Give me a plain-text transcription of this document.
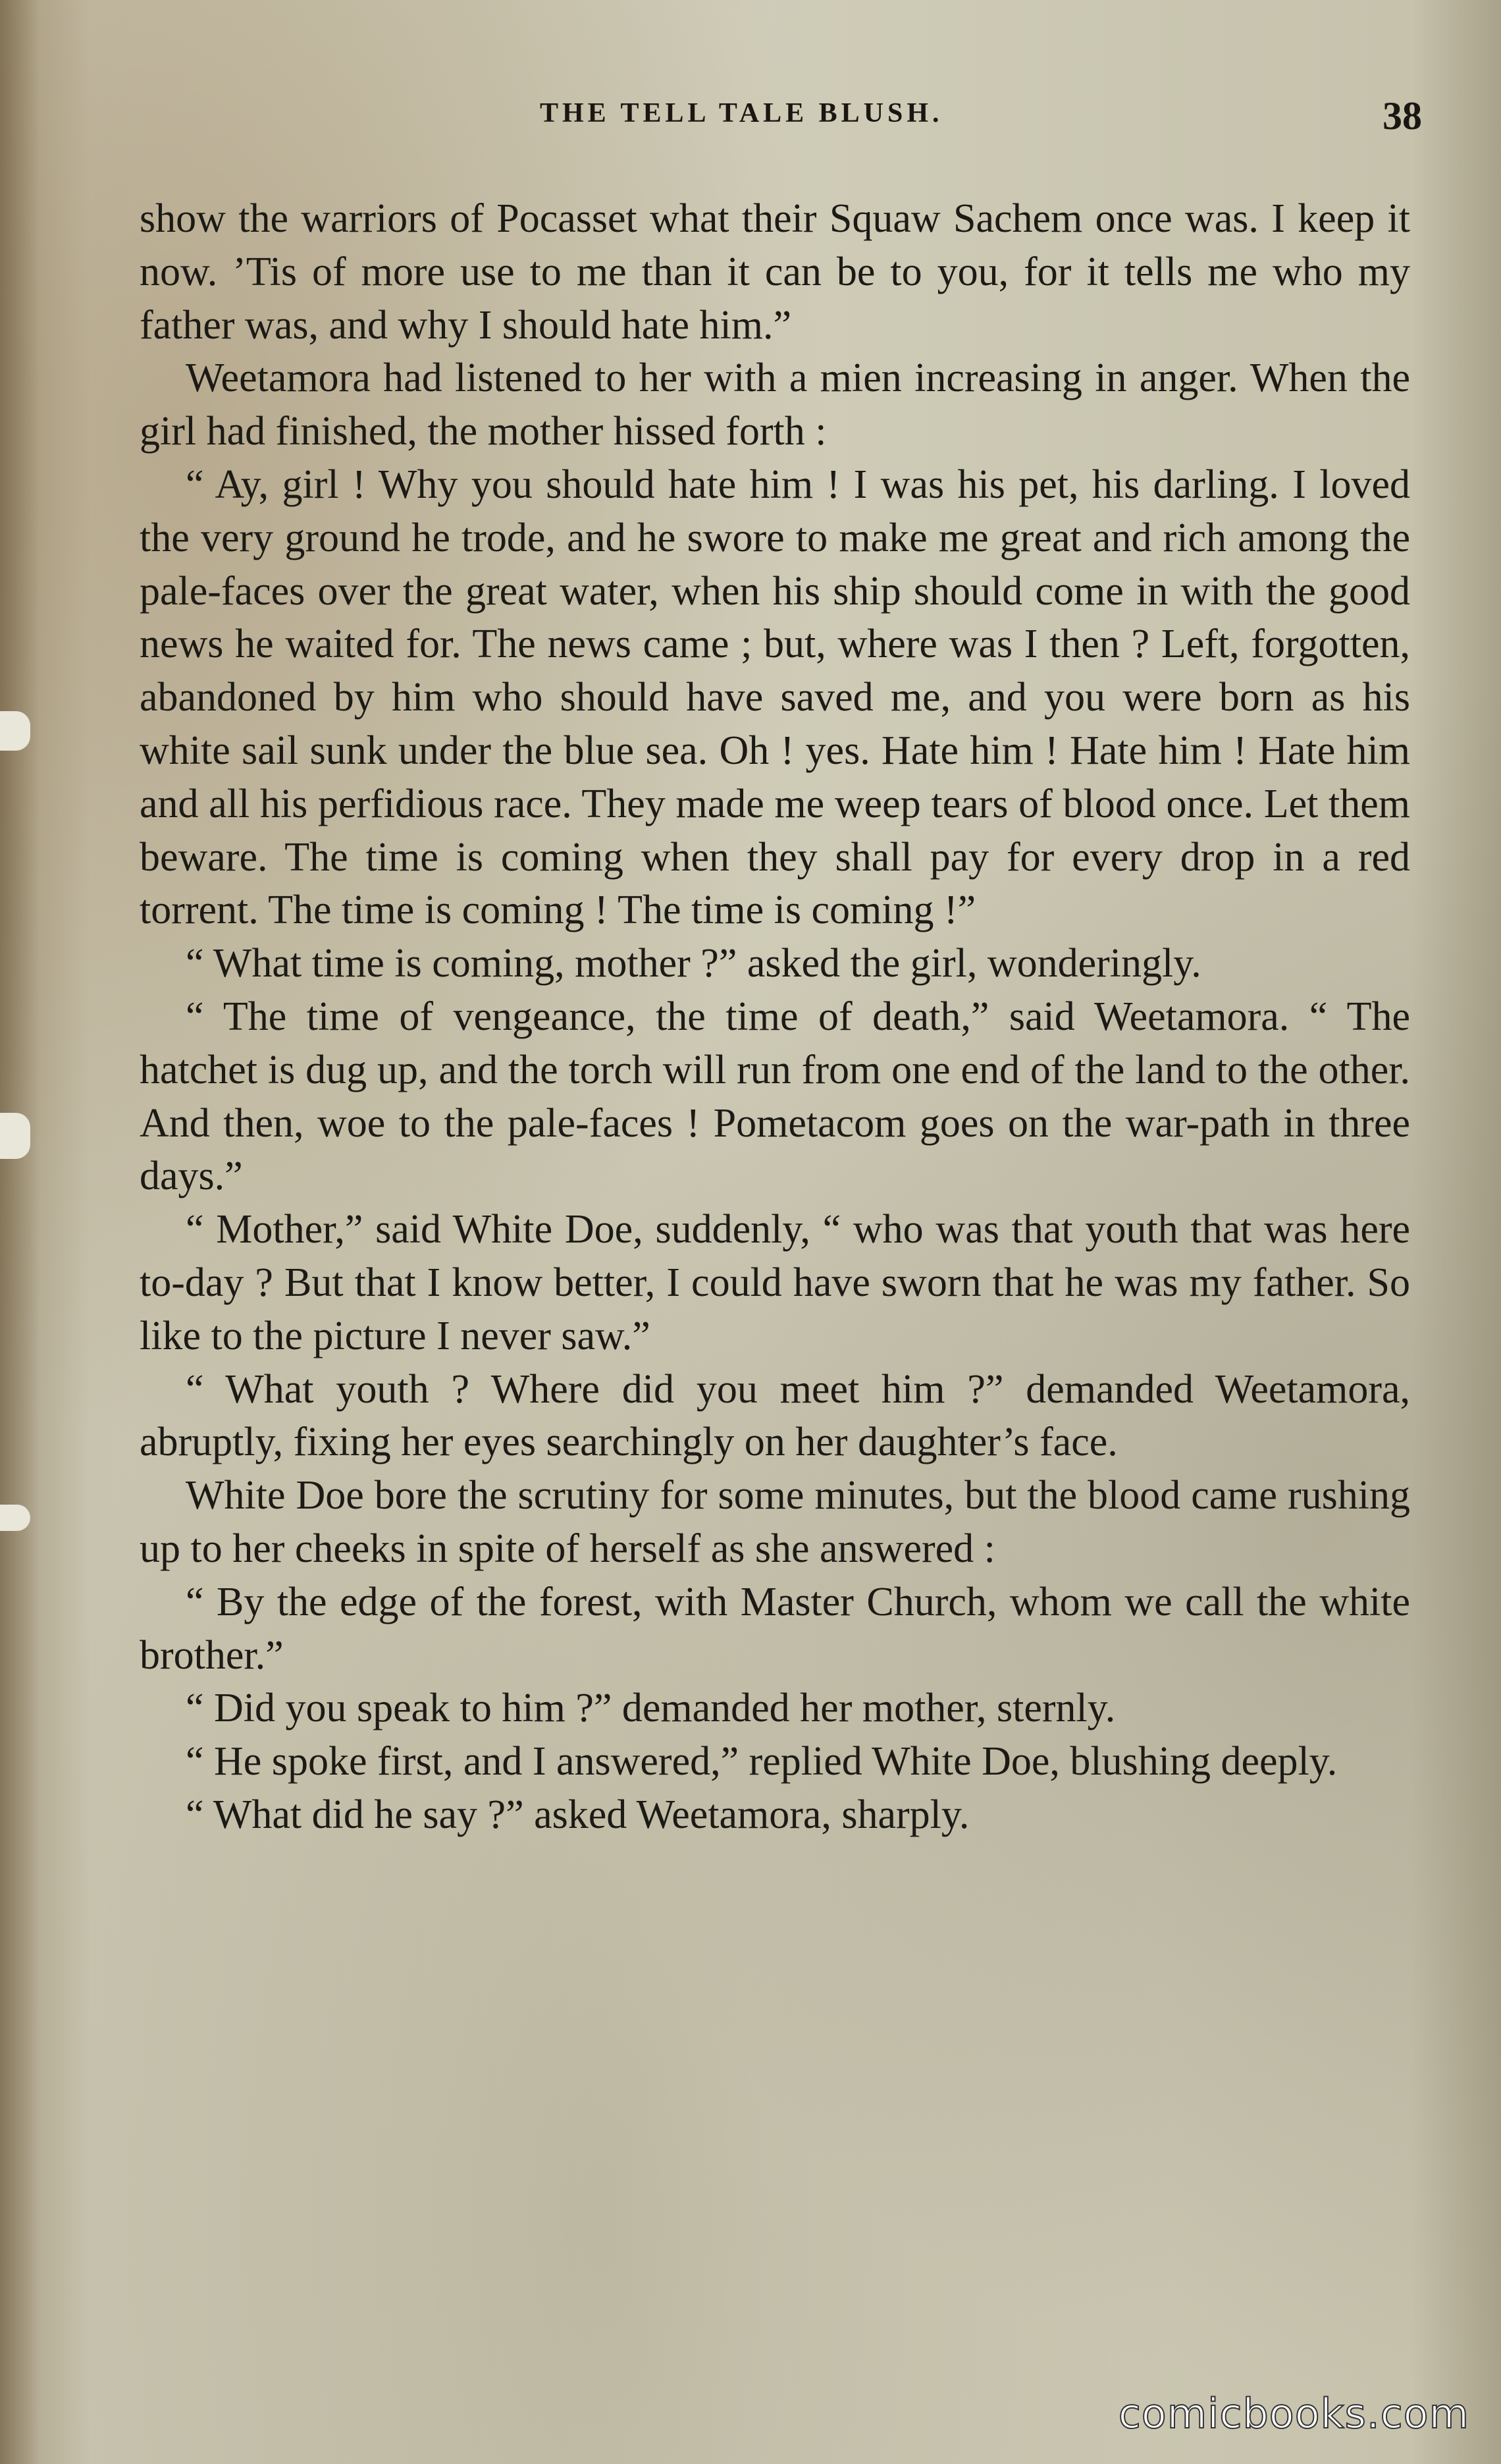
THE TELL TALE BLUSH.	38

show the warriors of Pocasset what their Squaw Sachem once was. I keep it now. ’Tis of more use to me than it can be to you, for it tells me who my father was, and why I should hate him.”

Weetamora had listened to her with a mien increasing in anger. When the girl had finished, the mother hissed forth :

“ Ay, girl ! Why you should hate him ! I was his pet, his darling. I loved the very ground he trode, and he swore to make me great and rich among the pale-faces over the great water, when his ship should come in with the good news he waited for. The news came ; but, where was I then ? Left, forgotten, abandoned by him who should have saved me, and you were born as his white sail sunk under the blue sea. Oh ! yes. Hate him ! Hate him ! Hate him and all his perfidious race. They made me weep tears of blood once. Let them beware. The time is coming when they shall pay for every drop in a red torrent. The time is coming ! The time is coming !”

“ What time is coming, mother ?” asked the girl, wonderingly.

“ The time of vengeance, the time of death,” said Weetamora. “ The hatchet is dug up, and the torch will run from one end of the land to the other. And then, woe to the pale-faces ! Pometacom goes on the war-path in three days.”

“ Mother,” said White Doe, suddenly, “ who was that youth that was here to-day ? But that I know better, I could have sworn that he was my father. So like to the picture I never saw.”

“ What youth ? Where did you meet him ?” demanded Weetamora, abruptly, fixing her eyes searchingly on her daughter’s face.

White Doe bore the scrutiny for some minutes, but the blood came rushing up to her cheeks in spite of herself as she answered :

“ By the edge of the forest, with Master Church, whom we call the white brother.”

“ Did you speak to him ?” demanded her mother, sternly.

“ He spoke first, and I answered,” replied White Doe, blushing deeply.

“ What did he say ?” asked Weetamora, sharply.

comicbooks.com
